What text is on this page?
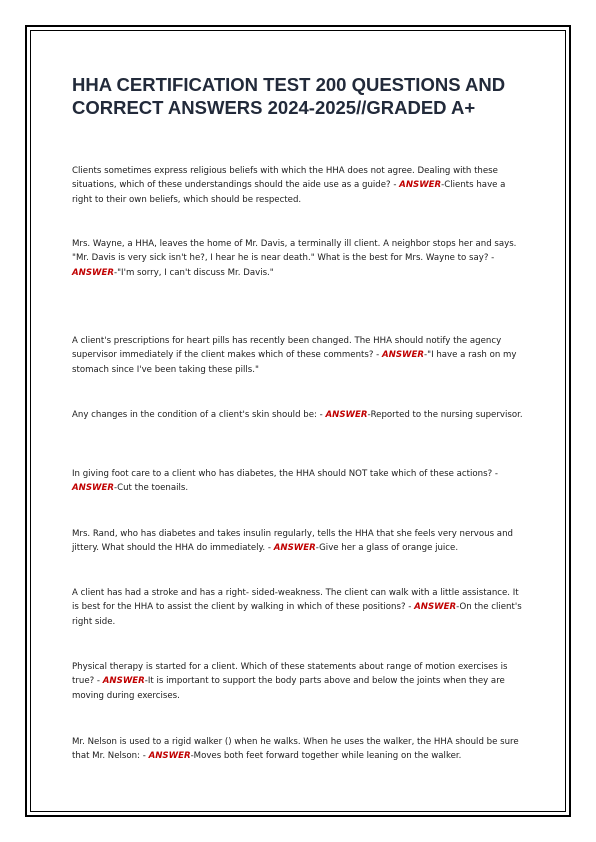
HHA CERTIFICATION TEST 200 QUESTIONS AND CORRECT ANSWERS 2024-2025//GRADED A+

Clients sometimes express religious beliefs with which the HHA does not agree. Dealing with these situations, which of these understandings should the aide use as a guide? - ANSWER-Clients have a right to their own beliefs, which should be respected.

Mrs. Wayne, a HHA, leaves the home of Mr. Davis, a terminally ill client. A neighbor stops her and says. "Mr. Davis is very sick isn't he?, I hear he is near death." What is the best for Mrs. Wayne to say? - ANSWER-"I'm sorry, I can't discuss Mr. Davis."

A client's prescriptions for heart pills has recently been changed. The HHA should notify the agency supervisor immediately if the client makes which of these comments? - ANSWER-"I have a rash on my stomach since I've been taking these pills."

Any changes in the condition of a client's skin should be: - ANSWER-Reported to the nursing supervisor.

In giving foot care to a client who has diabetes, the HHA should NOT take which of these actions? - ANSWER-Cut the toenails.

Mrs. Rand, who has diabetes and takes insulin regularly, tells the HHA that she feels very nervous and jittery. What should the HHA do immediately. - ANSWER-Give her a glass of orange juice.

A client has had a stroke and has a right- sided-weakness. The client can walk with a little assistance. It is best for the HHA to assist the client by walking in which of these positions? - ANSWER-On the client's right side.

Physical therapy is started for a client. Which of these statements about range of motion exercises is true? - ANSWER-It is important to support the body parts above and below the joints when they are moving during exercises.

Mr. Nelson is used to a rigid walker () when he walks. When he uses the walker, the HHA should be sure that Mr. Nelson: - ANSWER-Moves both feet forward together while leaning on the walker.
